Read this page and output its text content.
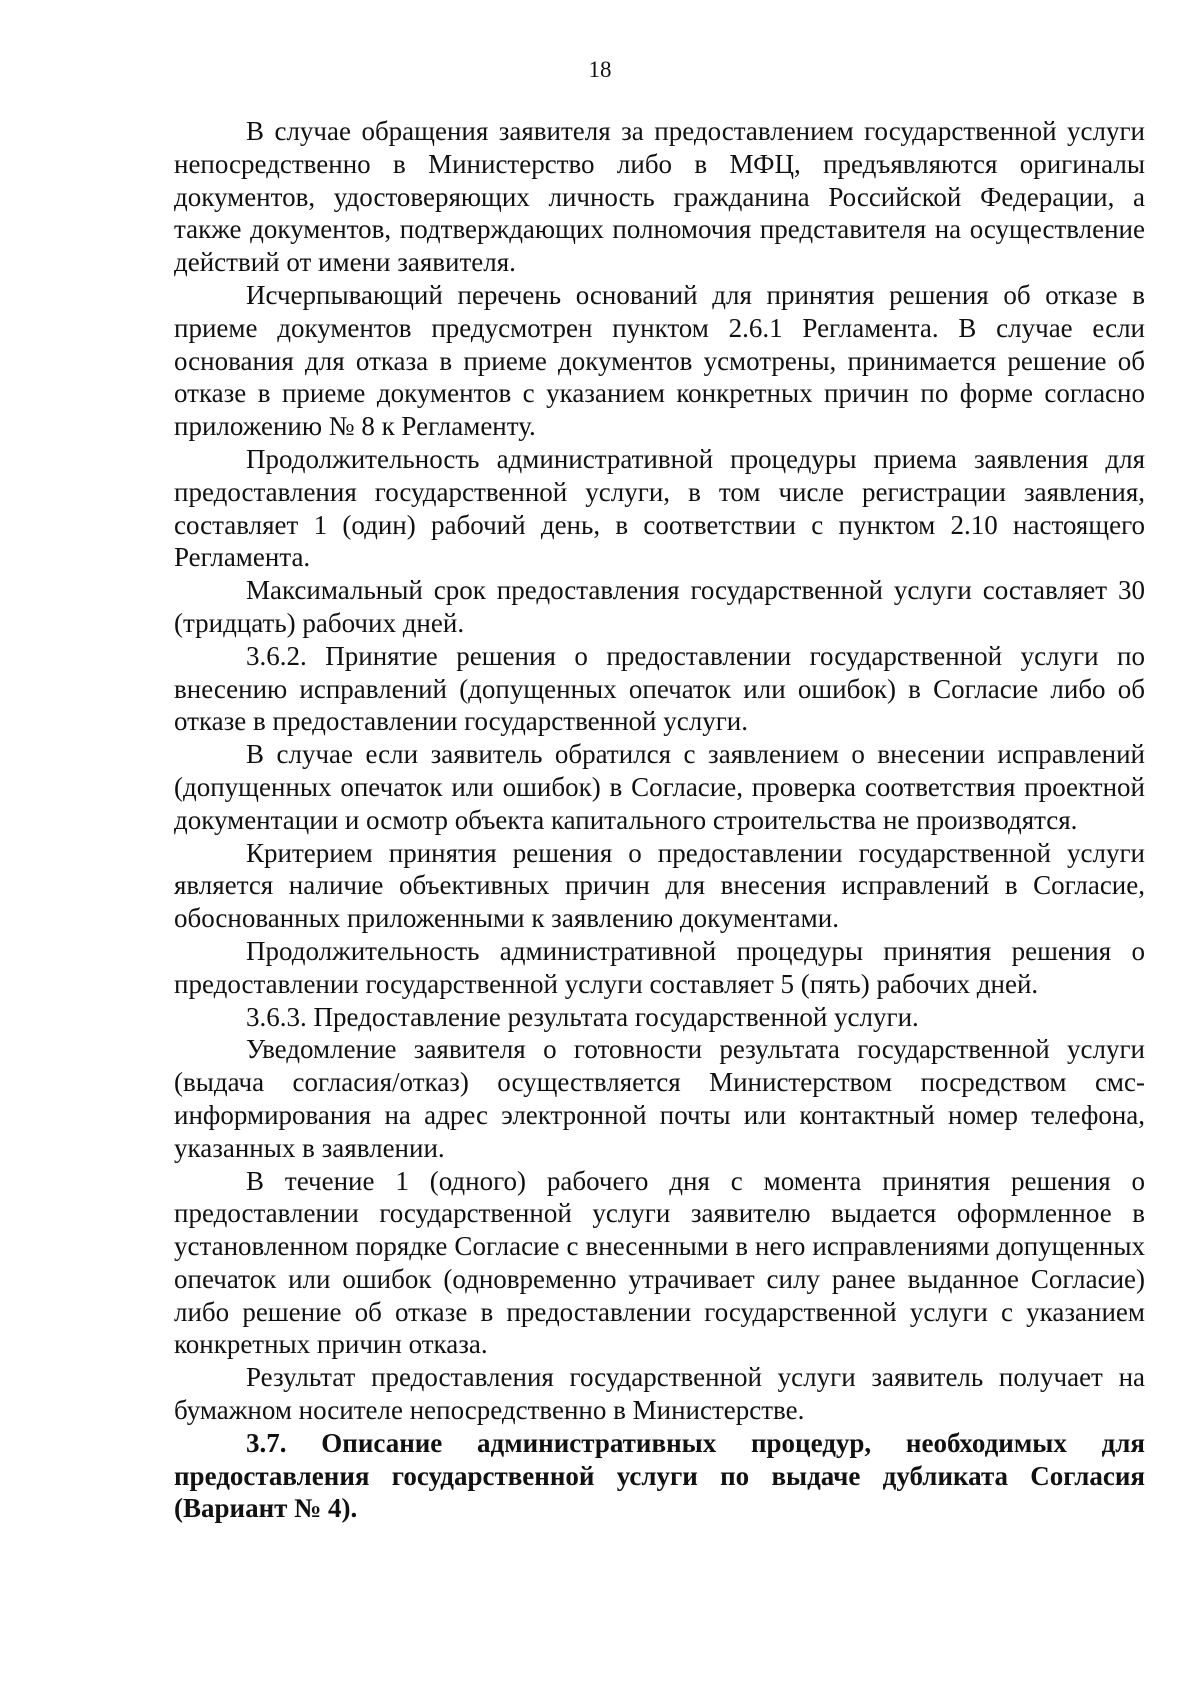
18

В случае обращения заявителя за предоставлением государственной услуги непосредственно в Министерство либо в МФЦ, предъявляются оригиналы документов, удостоверяющих личность гражданина Российской Федерации, а также документов, подтверждающих полномочия представителя на осуществление действий от имени заявителя.

Исчерпывающий перечень оснований для принятия решения об отказе в приеме документов предусмотрен пунктом 2.6.1 Регламента. В случае если основания для отказа в приеме документов усмотрены, принимается решение об отказе в приеме документов с указанием конкретных причин по форме согласно приложению № 8 к Регламенту.

Продолжительность административной процедуры приема заявления для предоставления государственной услуги, в том числе регистрации заявления, составляет 1 (один) рабочий день, в соответствии с пунктом 2.10 настоящего Регламента.

Максимальный срок предоставления государственной услуги составляет 30 (тридцать) рабочих дней.

3.6.2. Принятие решения о предоставлении государственной услуги по внесению исправлений (допущенных опечаток или ошибок) в Согласие либо об отказе в предоставлении государственной услуги.

В случае если заявитель обратился с заявлением о внесении исправлений (допущенных опечаток или ошибок) в Согласие, проверка соответствия проектной документации и осмотр объекта капитального строительства не производятся.

Критерием принятия решения о предоставлении государственной услуги является наличие объективных причин для внесения исправлений в Согласие, обоснованных приложенными к заявлению документами.

Продолжительность административной процедуры принятия решения о предоставлении государственной услуги составляет 5 (пять) рабочих дней.

3.6.3. Предоставление результата государственной услуги.

Уведомление заявителя о готовности результата государственной услуги (выдача согласия/отказ) осуществляется Министерством посредством смс-информирования на адрес электронной почты или контактный номер телефона, указанных в заявлении.

В течение 1 (одного) рабочего дня с момента принятия решения о предоставлении государственной услуги заявителю выдается оформленное в установленном порядке Согласие с внесенными в него исправлениями допущенных опечаток или ошибок (одновременно утрачивает силу ранее выданное Согласие) либо решение об отказе в предоставлении государственной услуги с указанием конкретных причин отказа.

Результат предоставления государственной услуги заявитель получает на бумажном носителе непосредственно в Министерстве.

3.7. Описание административных процедур, необходимых для предоставления государственной услуги по выдаче дубликата Согласия (Вариант № 4).
